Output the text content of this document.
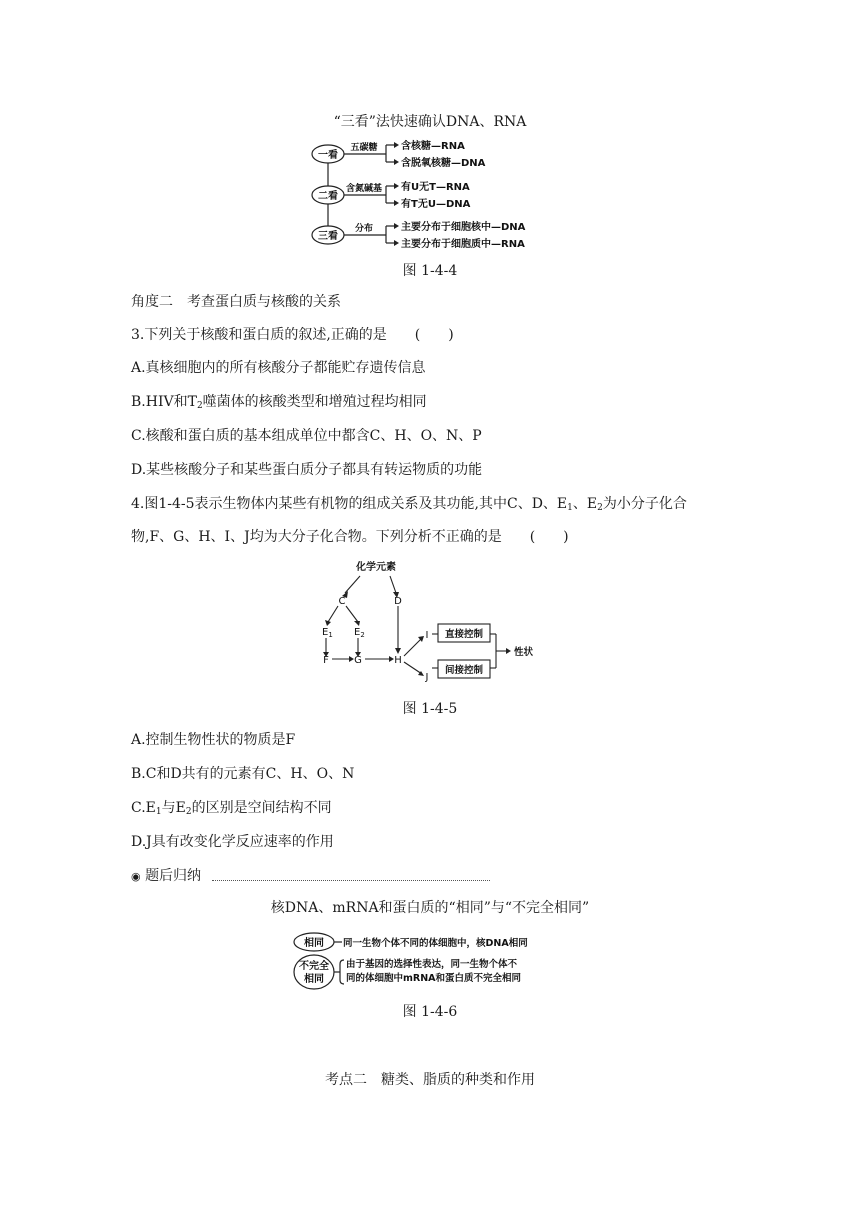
“三看”法快速确认DNA、RNA
一看
二看
三看
五碳糖
含氮碱基
分布
含核糖—RNA
含脱氧核糖—DNA
有U无T—RNA
有T无U—DNA
主要分布于细胞核中—DNA
主要分布于细胞质中—RNA
图 1-4-4
角度二　考查蛋白质与核酸的关系
3.下列关于核酸和蛋白质的叙述,正确的是　　(　　)
A.真核细胞内的所有核酸分子都能贮存遗传信息
B.HIV和$T_2$噬菌体的核酸类型和增殖过程均相同
C.核酸和蛋白质的基本组成单位中都含C、H、O、N、P
D.某些核酸分子和某些蛋白质分子都具有转运物质的功能
4.图1-4-5表示生物体内某些有机物的组成关系及其功能,其中C、D、$E_1$、$E_2$为小分子化合
物,F、G、H、I、J均为大分子化合物。下列分析不正确的是　　(　　)
化学元素
C	D
$E_1$ $E_2$
F	G	H
I
J
直接控制
间接控制
性状
图 1-4-5
A.控制生物性状的物质是F
B.C和D共有的元素有C、H、O、N
$C.E_1$与$E_2$的区别是空间结构不同
D.J具有改变化学反应速率的作用
◉ 题后归纳
核DNA、mRNA和蛋白质的“相同”与“不完全相同”
相同
不完全
相同
同一生物个体不同的体细胞中，核DNA相同
由于基因的选择性表达，同一生物个体不
同的体细胞中mRNA和蛋白质不完全相同
图 1-4-6
考点二　糖类、脂质的种类和作用
